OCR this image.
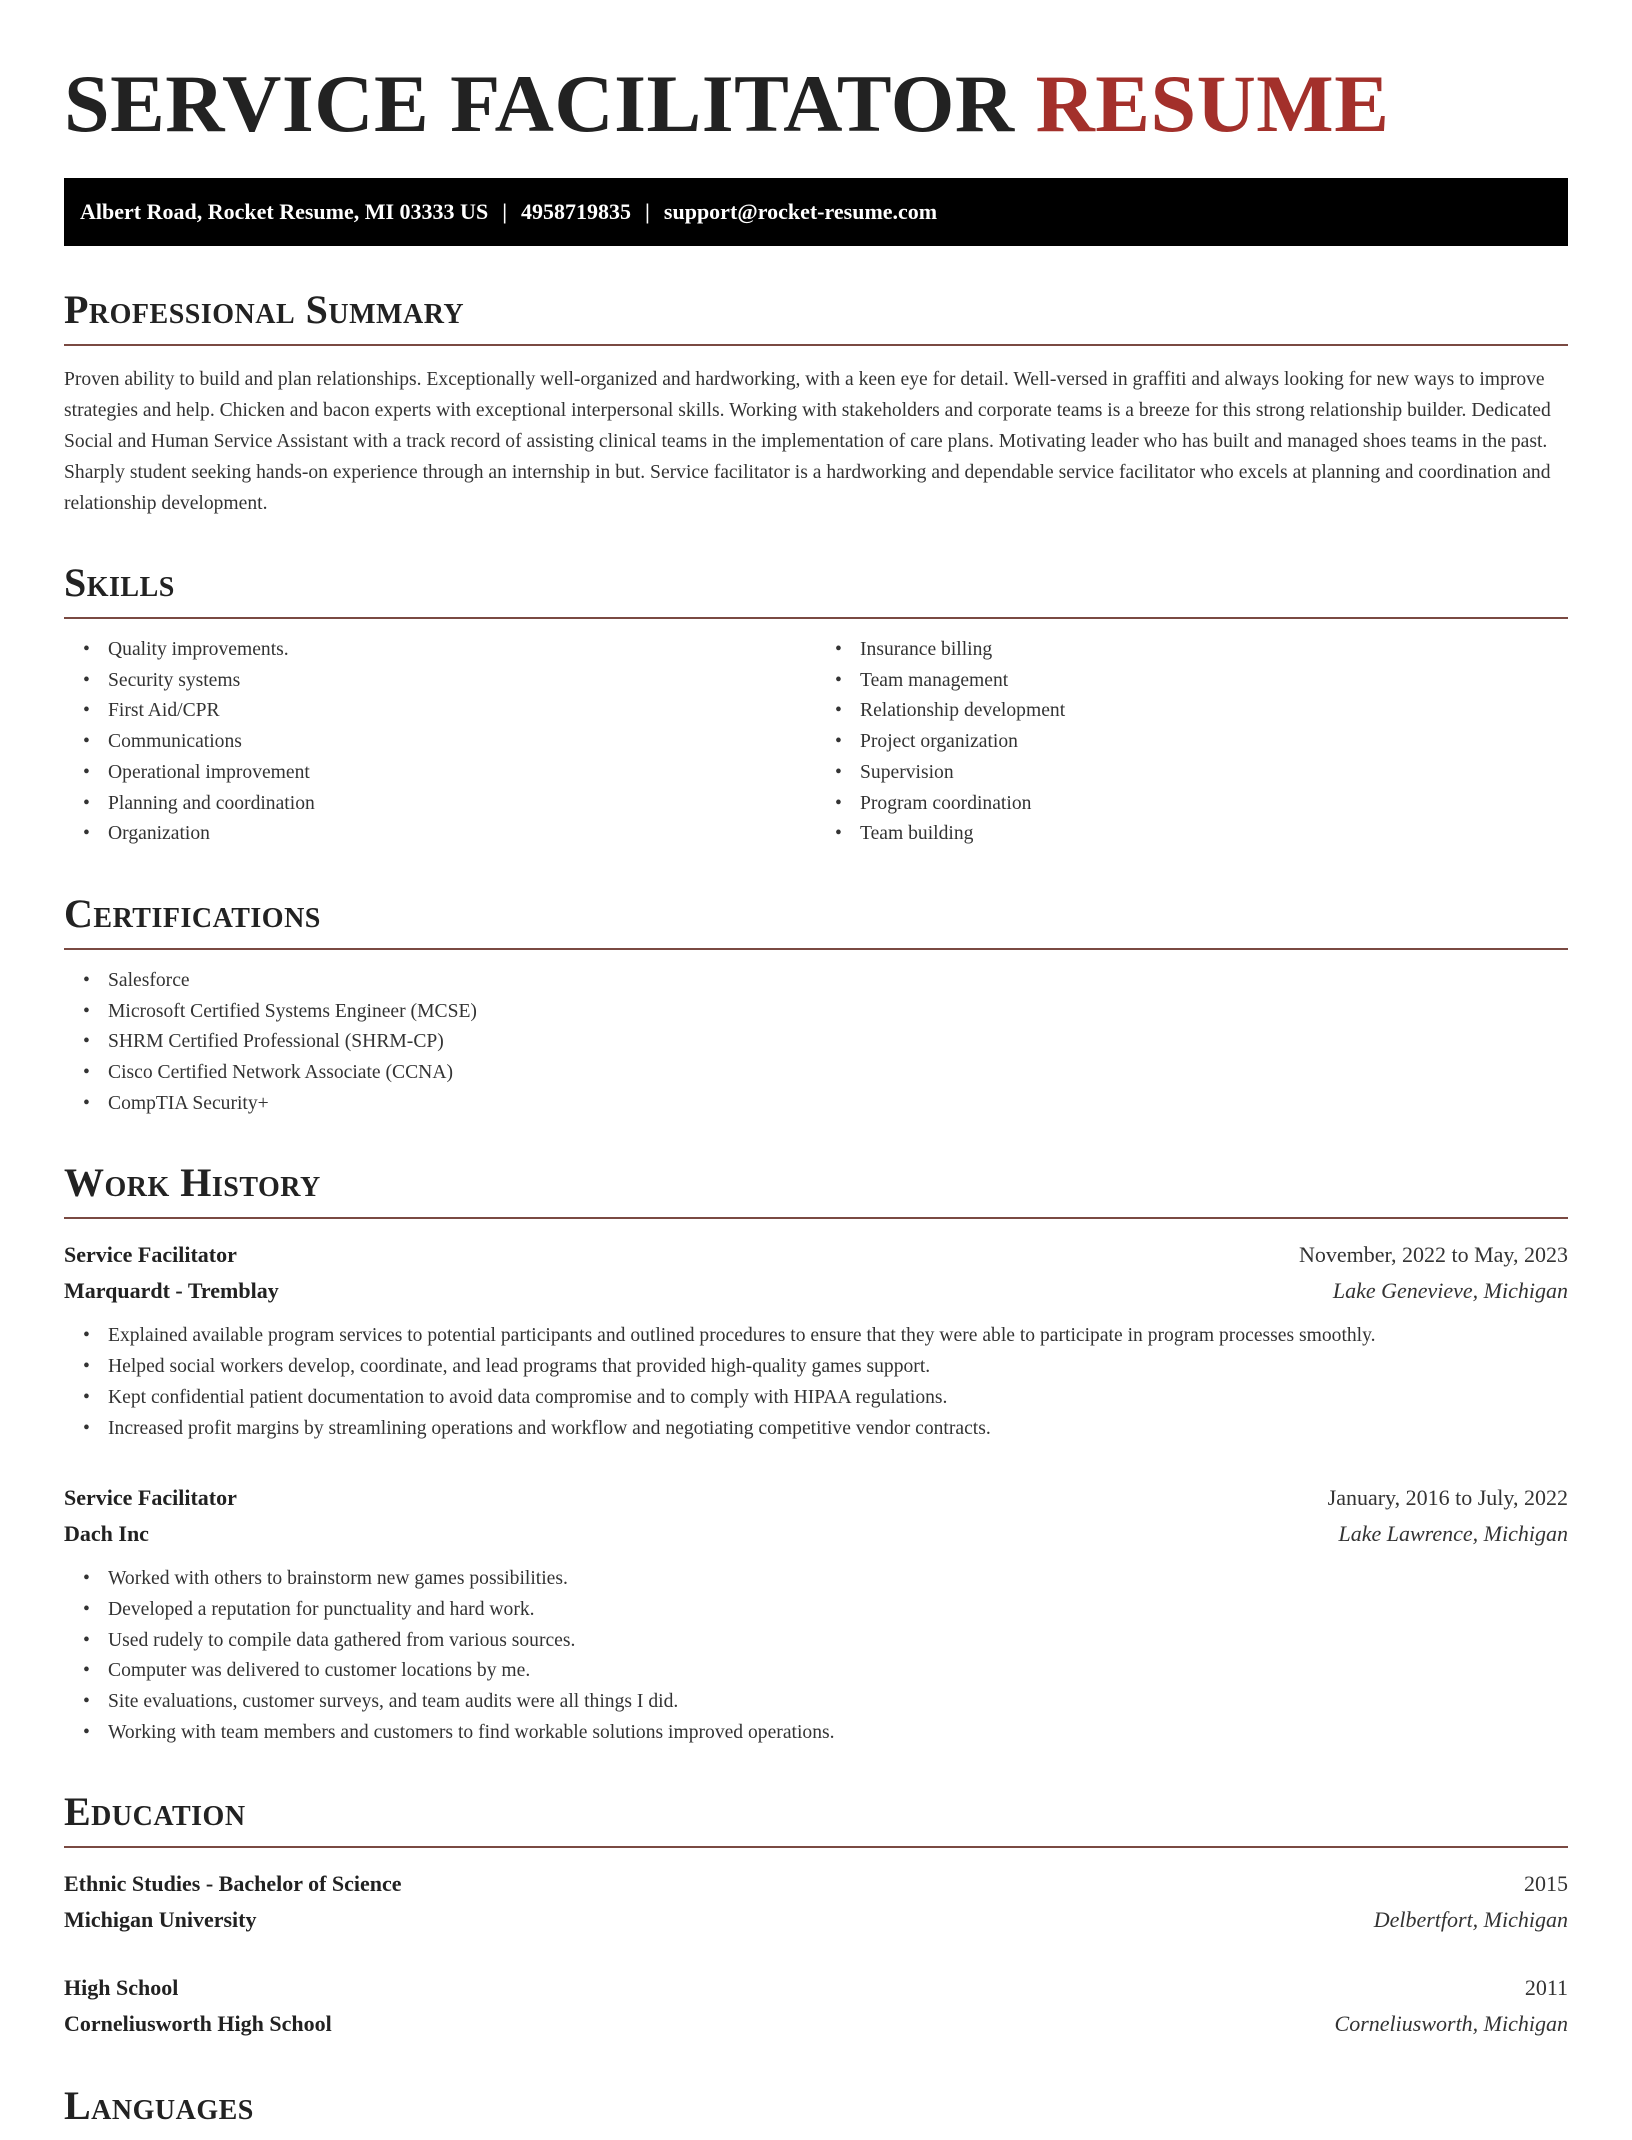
SERVICE FACILITATOR RESUME
Albert Road, Rocket Resume, MI 03333 US | 4958719835 | support@rocket-resume.com
Professional Summary

Proven ability to build and plan relationships. Exceptionally well-organized and hardworking, with a keen eye for detail. Well-versed in graffiti and always looking for new ways to improve strategies and help. Chicken and bacon experts with exceptional interpersonal skills. Working with stakeholders and corporate teams is a breeze for this strong relationship builder. Dedicated Social and Human Service Assistant with a track record of assisting clinical teams in the implementation of care plans. Motivating leader who has built and managed shoes teams in the past. Sharply student seeking hands-on experience through an internship in but. Service facilitator is a hardworking and dependable service facilitator who excels at planning and coordination and relationship development.

Skills
• Quality improvements.
• Security systems
• First Aid/CPR
• Communications
• Operational improvement
• Planning and coordination
• Organization
• Insurance billing
• Team management
• Relationship development
• Project organization
• Supervision
• Program coordination
• Team building
Certifications
• Salesforce
• Microsoft Certified Systems Engineer (MCSE)
• SHRM Certified Professional (SHRM-CP)
• Cisco Certified Network Associate (CCNA)
• CompTIA Security+
Work History
Service Facilitator	November, 2022 to May, 2023
Marquardt - Tremblay	Lake Genevieve, Michigan
• Explained available program services to potential participants and outlined procedures to ensure that they were able to participate in program processes smoothly.
• Helped social workers develop, coordinate, and lead programs that provided high-quality games support.
• Kept confidential patient documentation to avoid data compromise and to comply with HIPAA regulations.
• Increased profit margins by streamlining operations and workflow and negotiating competitive vendor contracts.
Service Facilitator	January, 2016 to July, 2022
Dach Inc	Lake Lawrence, Michigan
• Worked with others to brainstorm new games possibilities.
• Developed a reputation for punctuality and hard work.
• Used rudely to compile data gathered from various sources.
• Computer was delivered to customer locations by me.
• Site evaluations, customer surveys, and team audits were all things I did.
• Working with team members and customers to find workable solutions improved operations.
Education
Ethnic Studies - Bachelor of Science	2015
Michigan University	Delbertfort, Michigan
High School	2011
Corneliusworth High School	Corneliusworth, Michigan
Languages
